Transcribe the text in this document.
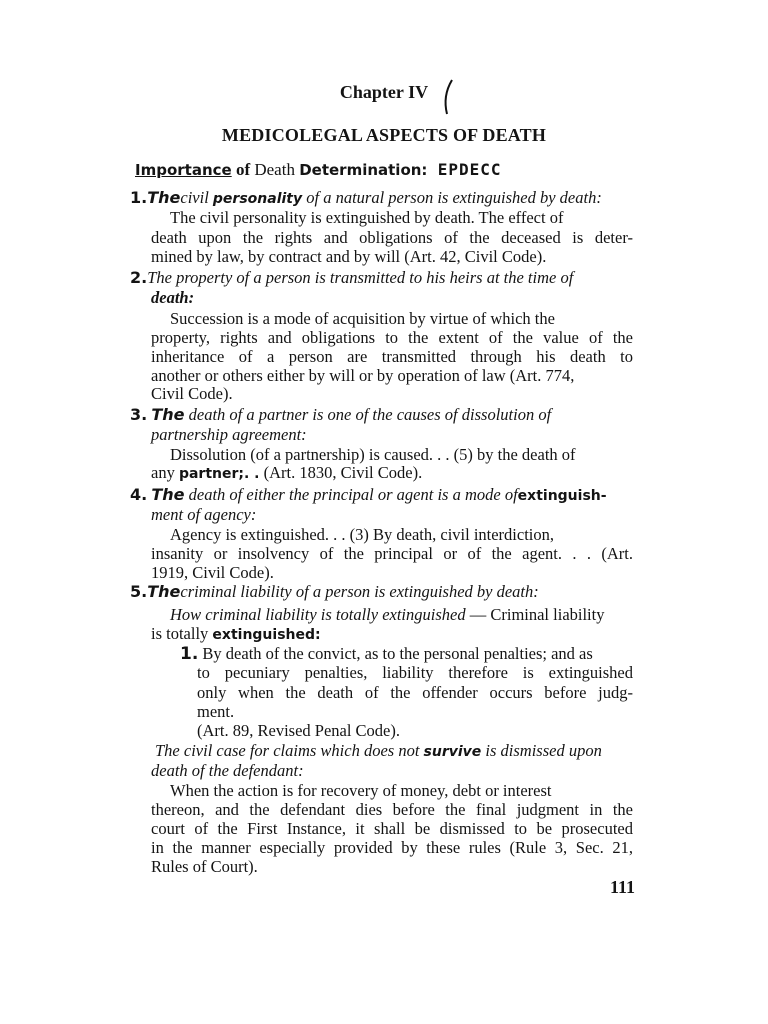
Chapter IV
MEDICOLEGAL ASPECTS OF DEATH
Importance of Death Determination: EPDECC
1.Thecivil personality of a natural person is extinguished by death:
The civil personality is extinguished by death. The effect of
death upon the rights and obligations of the deceased is deter-
mined by law, by contract and by will (Art. 42, Civil Code).
2.The property of a person is transmitted to his heirs at the time of
death:
Succession is a mode of acquisition by virtue of which the
property, rights and obligations to the extent of the value of the
inheritance of a person are transmitted through his death to
another or others either by will or by operation of law (Art. 774,
Civil Code).
3. The death of a partner is one of the causes of dissolution of
partnership agreement:
Dissolution (of a partnership) is caused. . . (5) by the death of
any partner;. . (Art. 1830, Civil Code).
4. The death of either the principal or agent is a mode ofextinguish-
ment of agency:
Agency is extinguished. . . (3) By death, civil interdiction,
insanity or insolvency of the principal or of the agent. . . (Art.
1919, Civil Code).
5.Thecriminal liability of a person is extinguished by death:
How criminal liability is totally extinguished — Criminal liability
is totally extinguished:
1. By death of the convict, as to the personal penalties; and as
to pecuniary penalties, liability therefore is extinguished
only when the death of the offender occurs before judg-
ment.
(Art. 89, Revised Penal Code).
The civil case for claims which does not survive is dismissed upon
death of the defendant:
When the action is for recovery of money, debt or interest
thereon, and the defendant dies before the final judgment in the
court of the First Instance, it shall be dismissed to be prosecuted
in the manner especially provided by these rules (Rule 3, Sec. 21,
Rules of Court).
111
